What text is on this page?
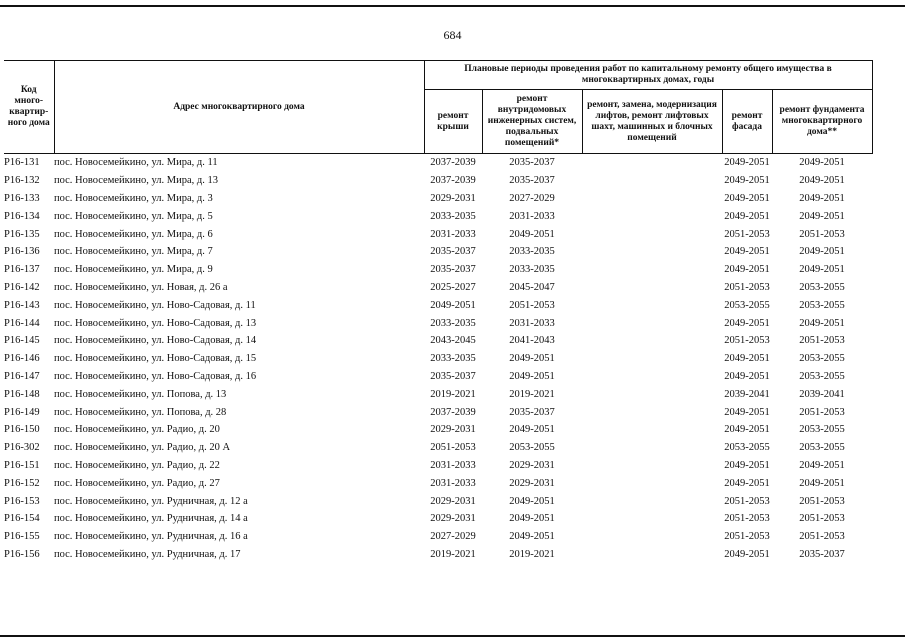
684
Код много-квартир-ного дома	Адрес многоквартирного дома	Плановые периоды проведения работ по капитальному ремонту общего имущества в многоквартирных домах, годы				
		ремонт крыши	ремонт внутридомовых инженерных систем, подвальных помещений*	ремонт, замена, модернизация лифтов, ремонт лифтовых шахт, машинных и блочных помещений	ремонт фасада	ремонт фундамента многоквартирного дома**
Р16-131	пос. Новосемейкино, ул. Мира, д. 11	2037-2039	2035-2037		2049-2051	2049-2051
Р16-132	пос. Новосемейкино, ул. Мира, д. 13	2037-2039	2035-2037		2049-2051	2049-2051
Р16-133	пос. Новосемейкино, ул. Мира, д. 3	2029-2031	2027-2029		2049-2051	2049-2051
Р16-134	пос. Новосемейкино, ул. Мира, д. 5	2033-2035	2031-2033		2049-2051	2049-2051
Р16-135	пос. Новосемейкино, ул. Мира, д. 6	2031-2033	2049-2051		2051-2053	2051-2053
Р16-136	пос. Новосемейкино, ул. Мира, д. 7	2035-2037	2033-2035		2049-2051	2049-2051
Р16-137	пос. Новосемейкино, ул. Мира, д. 9	2035-2037	2033-2035		2049-2051	2049-2051
Р16-142	пос. Новосемейкино, ул. Новая, д. 26 а	2025-2027	2045-2047		2051-2053	2053-2055
Р16-143	пос. Новосемейкино, ул. Ново-Садовая, д. 11	2049-2051	2051-2053		2053-2055	2053-2055
Р16-144	пос. Новосемейкино, ул. Ново-Садовая, д. 13	2033-2035	2031-2033		2049-2051	2049-2051
Р16-145	пос. Новосемейкино, ул. Ново-Садовая, д. 14	2043-2045	2041-2043		2051-2053	2051-2053
Р16-146	пос. Новосемейкино, ул. Ново-Садовая, д. 15	2033-2035	2049-2051		2049-2051	2053-2055
Р16-147	пос. Новосемейкино, ул. Ново-Садовая, д. 16	2035-2037	2049-2051		2049-2051	2053-2055
Р16-148	пос. Новосемейкино, ул. Попова, д. 13	2019-2021	2019-2021		2039-2041	2039-2041
Р16-149	пос. Новосемейкино, ул. Попова, д. 28	2037-2039	2035-2037		2049-2051	2051-2053
Р16-150	пос. Новосемейкино, ул. Радио, д. 20	2029-2031	2049-2051		2049-2051	2053-2055
Р16-302	пос. Новосемейкино, ул. Радио, д. 20 А	2051-2053	2053-2055		2053-2055	2053-2055
Р16-151	пос. Новосемейкино, ул. Радио, д. 22	2031-2033	2029-2031		2049-2051	2049-2051
Р16-152	пос. Новосемейкино, ул. Радио, д. 27	2031-2033	2029-2031		2049-2051	2049-2051
Р16-153	пос. Новосемейкино, ул. Рудничная, д. 12 а	2029-2031	2049-2051		2051-2053	2051-2053
Р16-154	пос. Новосемейкино, ул. Рудничная, д. 14 а	2029-2031	2049-2051		2051-2053	2051-2053
Р16-155	пос. Новосемейкино, ул. Рудничная, д. 16 а	2027-2029	2049-2051		2051-2053	2051-2053
Р16-156	пос. Новосемейкино, ул. Рудничная, д. 17	2019-2021	2019-2021		2049-2051	2035-2037
